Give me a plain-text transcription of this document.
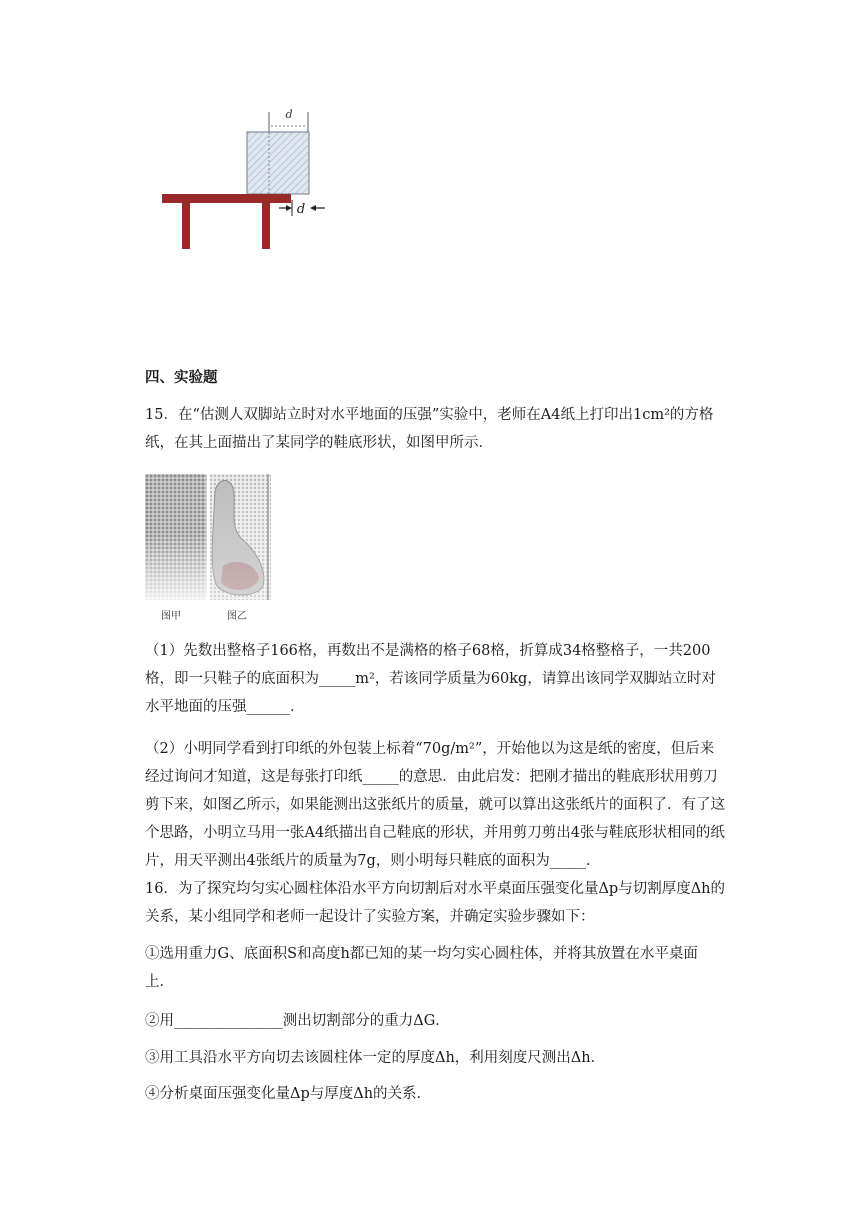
d
d
四、实验题

15．在“估测人双脚站立时对水平地面的压强”实验中，老师在A4纸上打印出1cm²的方格纸，在其上面描出了某同学的鞋底形状，如图甲所示．

图甲	图乙

（1）先数出整格子166格，再数出不是满格的格子68格，折算成34格整格子，一共200格，即一只鞋子的底面积为_____m²，若该同学质量为60kg，请算出该同学双脚站立时对水平地面的压强______．

（2）小明同学看到打印纸的外包装上标着“70g/m²”，开始他以为这是纸的密度，但后来经过询问才知道，这是每张打印纸_____的意思．由此启发：把刚才描出的鞋底形状用剪刀剪下来，如图乙所示，如果能测出这张纸片的质量，就可以算出这张纸片的面积了．有了这个思路，小明立马用一张A4纸描出自己鞋底的形状，并用剪刀剪出4张与鞋底形状相同的纸片，用天平测出4张纸片的质量为7g，则小明每只鞋底的面积为_____．

16．为了探究均匀实心圆柱体沿水平方向切割后对水平桌面压强变化量Δp与切割厚度Δh的关系，某小组同学和老师一起设计了实验方案，并确定实验步骤如下：

①选用重力G、底面积S和高度h都已知的某一均匀实心圆柱体，并将其放置在水平桌面上．

②用_______________测出切割部分的重力ΔG．

③用工具沿水平方向切去该圆柱体一定的厚度Δh，利用刻度尺测出Δh．

④分析桌面压强变化量Δp与厚度Δh的关系．
